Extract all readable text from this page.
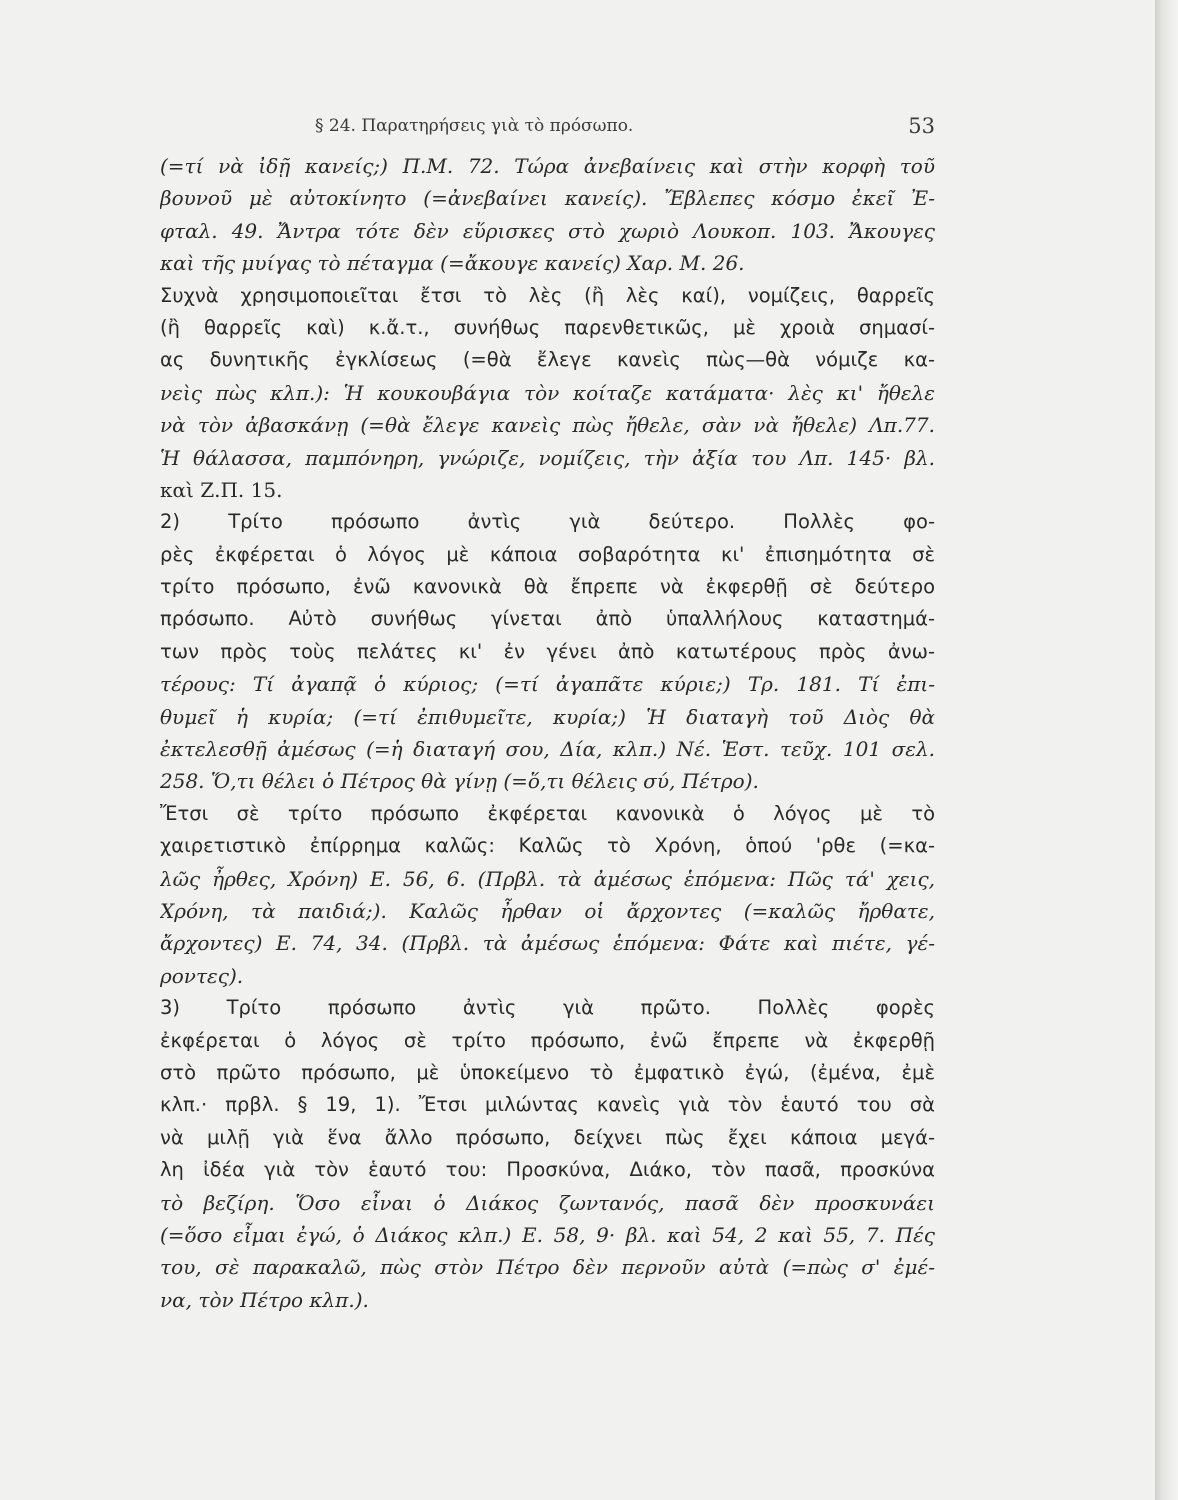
§ 24. Παρατηρήσεις γιὰ τὸ πρόσωπο.	53
(=τί νὰ ἰδῇ κανείς;) Π.Μ. 72. Τώρα ἀνεβαίνεις καὶ στὴν κορφὴ τοῦ
βουνοῦ μὲ αὐτοκίνητο (=ἀνεβαίνει κανείς). Ἔβλεπες κόσμο ἐκεῖ Ἐ-
φταλ. 49. Ἄντρα τότε δὲν εὕρισκες στὸ χωριὸ Λουκοπ. 103. Ἄκουγες
καὶ τῆς μυίγας τὸ πέταγμα (=ἄκουγε κανείς) Χαρ. Μ. 26.
Συχνὰ χρησιμοποιεῖται ἔτσι τὸ λὲς (ἢ λὲς καί), νομίζεις, θαρρεῖς
(ἢ θαρρεῖς καὶ) κ.ἄ.τ., συνήθως παρενθετικῶς, μὲ χροιὰ σημασί-
ας δυνητικῆς ἐγκλίσεως (=θὰ ἔλεγε κανεὶς πὼς—θὰ νόμιζε κα-
νεὶς πὼς κλπ.): Ἡ κουκουβάγια τὸν κοίταζε κατάματα· λὲς κι' ἤθελε
νὰ τὸν ἀβασκάνῃ (=θὰ ἔλεγε κανεὶς πὼς ἤθελε, σὰν νὰ ἤθελε) Λπ.77.
Ἡ θάλασσα, παμπόνηρη, γνώριζε, νομίζεις, τὴν ἀξία του Λπ. 145· βλ.
καὶ Ζ.Π. 15.
2) Τρίτο πρόσωπο ἀντὶς γιὰ δεύτερο. Πολλὲς φο-
ρὲς ἐκφέρεται ὁ λόγος μὲ κάποια σοβαρότητα κι' ἐπισημότητα σὲ
τρίτο πρόσωπο, ἐνῶ κανονικὰ θὰ ἔπρεπε νὰ ἐκφερθῇ σὲ δεύτερο
πρόσωπο. Αὐτὸ συνήθως γίνεται ἀπὸ ὑπαλλήλους καταστημά-
των πρὸς τοὺς πελάτες κι' ἐν γένει ἀπὸ κατωτέρους πρὸς ἀνω-
τέρους: Τί ἀγαπᾷ ὁ κύριος; (=τί ἀγαπᾶτε κύριε;) Τρ. 181. Τί ἐπι-
θυμεῖ ἡ κυρία; (=τί ἐπιθυμεῖτε, κυρία;) Ἡ διαταγὴ τοῦ Διὸς θὰ
ἐκτελεσθῇ ἀμέσως (=ἡ διαταγή σου, Δία, κλπ.) Νέ. Ἑστ. τεῦχ. 101 σελ.
258. Ὅ,τι θέλει ὁ Πέτρος θὰ γίνῃ (=ὅ,τι θέλεις σύ, Πέτρο).
Ἔτσι σὲ τρίτο πρόσωπο ἐκφέρεται κανονικὰ ὁ λόγος μὲ τὸ
χαιρετιστικὸ ἐπίρρημα καλῶς: Καλῶς τὸ Χρόνη, ὁπού 'ρθε (=κα-
λῶς ἦρθες, Χρόνη) Ε. 56, 6. (Πρβλ. τὰ ἀμέσως ἑπόμενα: Πῶς τά' χεις,
Χρόνη, τὰ παιδιά;). Καλῶς ἦρθαν οἱ ἄρχοντες (=καλῶς ἤρθατε,
ἄρχοντες) Ε. 74, 34. (Πρβλ. τὰ ἀμέσως ἑπόμενα: Φάτε καὶ πιέτε, γέ-
ροντες).
3) Τρίτο πρόσωπο ἀντὶς γιὰ πρῶτο. Πολλὲς φορὲς
ἐκφέρεται ὁ λόγος σὲ τρίτο πρόσωπο, ἐνῶ ἔπρεπε νὰ ἐκφερθῇ
στὸ πρῶτο πρόσωπο, μὲ ὑποκείμενο τὸ ἐμφατικὸ ἐγώ, (ἐμένα, ἐμὲ
κλπ.· πρβλ. § 19, 1). Ἔτσι μιλώντας κανεὶς γιὰ τὸν ἑαυτό του σὰ
νὰ μιλῇ γιὰ ἕνα ἄλλο πρόσωπο, δείχνει πὼς ἔχει κάποια μεγά-
λη ἰδέα γιὰ τὸν ἑαυτό του: Προσκύνα, Διάκο, τὸν πασᾶ, προσκύνα
τὸ βεζίρη. Ὅσο εἶναι ὁ Διάκος ζωντανός, πασᾶ δὲν προσκυνάει
(=ὅσο εἶμαι ἐγώ, ὁ Διάκος κλπ.) Ε. 58, 9· βλ. καὶ 54, 2 καὶ 55, 7. Πές
του, σὲ παρακαλῶ, πὼς στὸν Πέτρο δὲν περνοῦν αὐτὰ (=πὼς σ' ἐμέ-
να, τὸν Πέτρο κλπ.).
